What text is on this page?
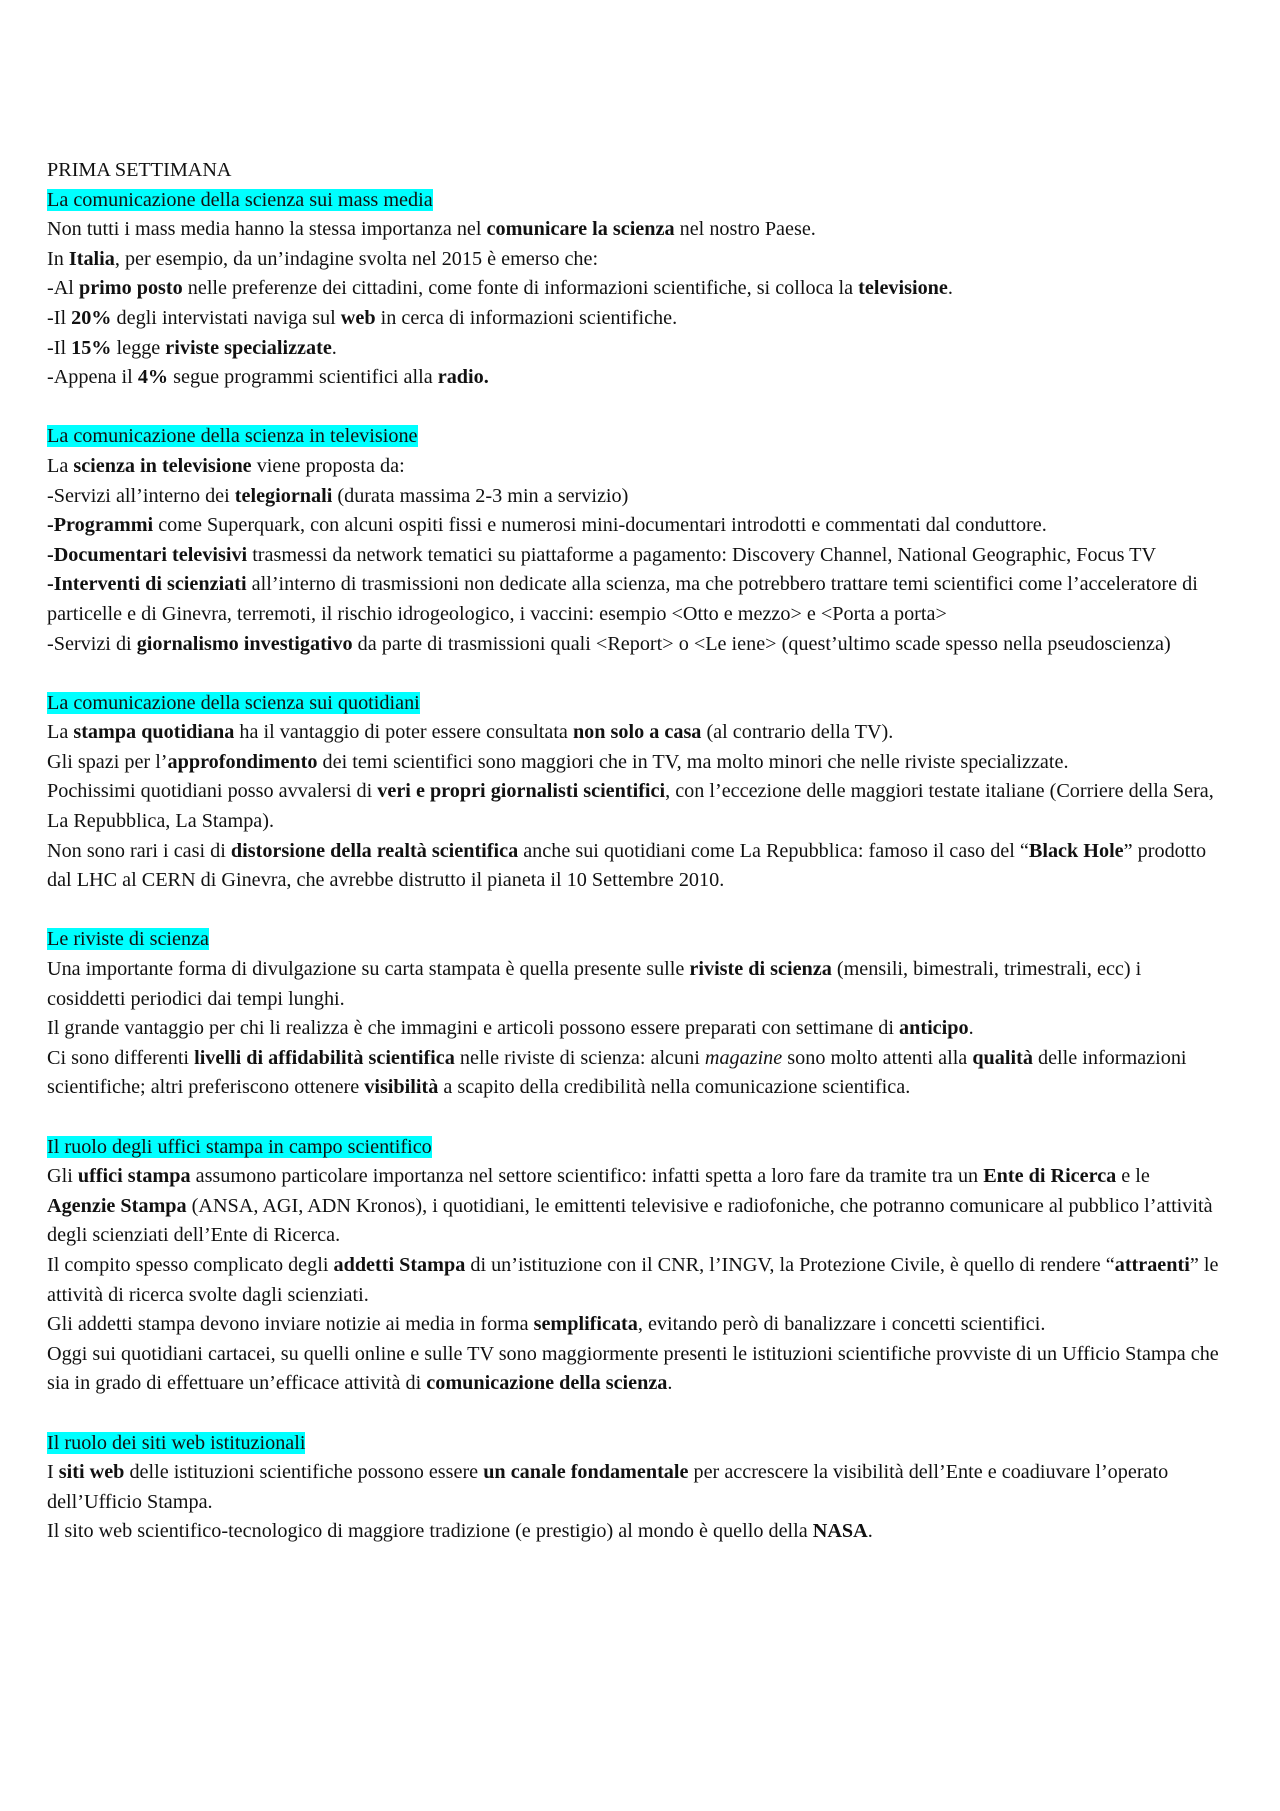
PRIMA SETTIMANA

La comunicazione della scienza sui mass media

Non tutti i mass media hanno la stessa importanza nel comunicare la scienza nel nostro Paese.

In Italia, per esempio, da un’indagine svolta nel 2015 è emerso che:

-Al primo posto nelle preferenze dei cittadini, come fonte di informazioni scientifiche, si colloca la televisione.

-Il 20% degli intervistati naviga sul web in cerca di informazioni scientifiche.

-Il 15% legge riviste specializzate.

-Appena il 4% segue programmi scientifici alla radio.

La comunicazione della scienza in televisione

La scienza in televisione viene proposta da:

-Servizi all’interno dei telegiornali (durata massima 2-3 min a servizio)

-Programmi come Superquark, con alcuni ospiti fissi e numerosi mini-documentari introdotti e commentati dal conduttore.

-Documentari televisivi trasmessi da network tematici su piattaforme a pagamento: Discovery Channel, National Geographic, Focus TV

-Interventi di scienziati all’interno di trasmissioni non dedicate alla scienza, ma che potrebbero trattare temi scientifici come l’acceleratore di particelle e di Ginevra, terremoti, il rischio idrogeologico, i vaccini: esempio <Otto e mezzo> e <Porta a porta>

-Servizi di giornalismo investigativo da parte di trasmissioni quali <Report> o <Le iene> (quest’ultimo scade spesso nella pseudoscienza)

La comunicazione della scienza sui quotidiani

La stampa quotidiana ha il vantaggio di poter essere consultata non solo a casa (al contrario della TV).

Gli spazi per l’approfondimento dei temi scientifici sono maggiori che in TV, ma molto minori che nelle riviste specializzate.

Pochissimi quotidiani posso avvalersi di veri e propri giornalisti scientifici, con l’eccezione delle maggiori testate italiane (Corriere della Sera, La Repubblica, La Stampa).

Non sono rari i casi di distorsione della realtà scientifica anche sui quotidiani come La Repubblica: famoso il caso del “Black Hole” prodotto dal LHC al CERN di Ginevra, che avrebbe distrutto il pianeta il 10 Settembre 2010.

Le riviste di scienza

Una importante forma di divulgazione su carta stampata è quella presente sulle riviste di scienza (mensili, bimestrali, trimestrali, ecc) i cosiddetti periodici dai tempi lunghi.

Il grande vantaggio per chi li realizza è che immagini e articoli possono essere preparati con settimane di anticipo.

Ci sono differenti livelli di affidabilità scientifica nelle riviste di scienza: alcuni magazine sono molto attenti alla qualità delle informazioni scientifiche; altri preferiscono ottenere visibilità a scapito della credibilità nella comunicazione scientifica.

Il ruolo degli uffici stampa in campo scientifico

Gli uffici stampa assumono particolare importanza nel settore scientifico: infatti spetta a loro fare da tramite tra un Ente di Ricerca e le Agenzie Stampa (ANSA, AGI, ADN Kronos), i quotidiani, le emittenti televisive e radiofoniche, che potranno comunicare al pubblico l’attività degli scienziati dell’Ente di Ricerca.

Il compito spesso complicato degli addetti Stampa di un’istituzione con il CNR, l’INGV, la Protezione Civile, è quello di rendere “attraenti” le attività di ricerca svolte dagli scienziati.

Gli addetti stampa devono inviare notizie ai media in forma semplificata, evitando però di banalizzare i concetti scientifici.

Oggi sui quotidiani cartacei, su quelli online e sulle TV sono maggiormente presenti le istituzioni scientifiche provviste di un Ufficio Stampa che sia in grado di effettuare un’efficace attività di comunicazione della scienza.

Il ruolo dei siti web istituzionali

I siti web delle istituzioni scientifiche possono essere un canale fondamentale per accrescere la visibilità dell’Ente e coadiuvare l’operato dell’Ufficio Stampa.

Il sito web scientifico-tecnologico di maggiore tradizione (e prestigio) al mondo è quello della NASA.
